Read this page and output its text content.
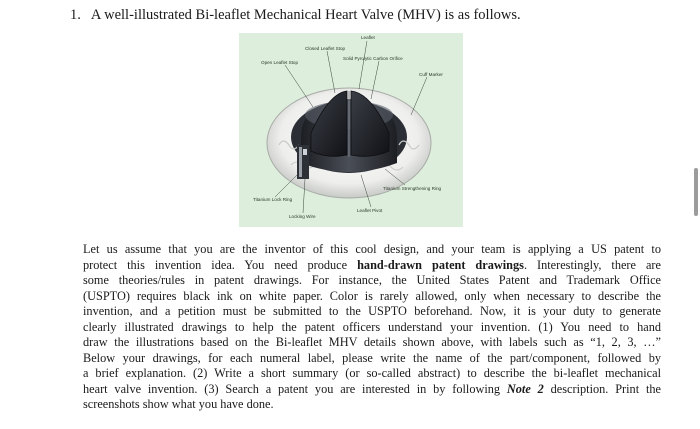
1. A well-illustrated Bi-leaflet Mechanical Heart Valve (MHV) is as follows.
Leaflet
Closed Leaflet Stop
Solid Pyrolytic Carbon Orifice
Open Leaflet Stop
Cuff Marker
Titanium Lock Ring
Titanium Strengthening Ring
Leaflet Pivot
Locking Wire

Let us assume that you are the inventor of this cool design, and your team is applying a US patent to
protect this invention idea. You need produce hand-drawn patent drawings. Interestingly, there are
some theories/rules in patent drawings. For instance, the United States Patent and Trademark Office
(USPTO) requires black ink on white paper. Color is rarely allowed, only when necessary to describe the
invention, and a petition must be submitted to the USPTO beforehand. Now, it is your duty to generate
clearly illustrated drawings to help the patent officers understand your invention. (1) You need to hand
draw the illustrations based on the Bi-leaflet MHV details shown above, with labels such as “1, 2, 3, …”
Below your drawings, for each numeral label, please write the name of the part/component, followed by
a brief explanation. (2) Write a short summary (or so-called abstract) to describe the bi-leaflet mechanical
heart valve invention. (3) Search a patent you are interested in by following Note 2 description. Print the
screenshots show what you have done.
